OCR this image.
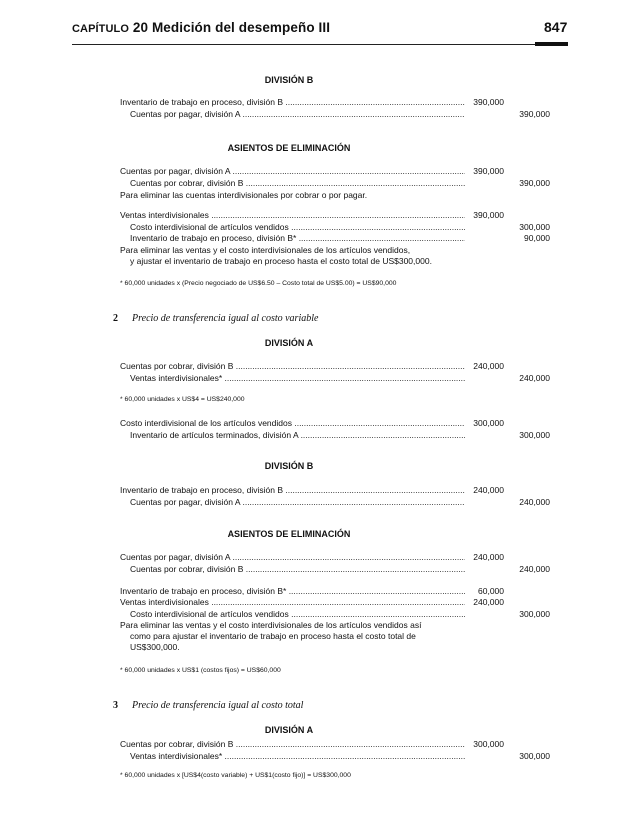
CAPÍTULO 20 Medición del desempeño III	847
DIVISIÓN B
Inventario de trabajo en proceso, división B .....	390,000
Cuentas por pagar, división A .....	390,000
ASIENTOS DE ELIMINACIÓN
Cuentas por pagar, división A .....	390,000
Cuentas por cobrar, división B .....	390,000
Para eliminar las cuentas interdivisionales por cobrar o por pagar.
Ventas interdivisionales .....	390,000
Costo interdivisional de artículos vendidos .....	300,000
Inventario de trabajo en proceso, división B* .....	90,000
Para eliminar las ventas y el costo interdivisionales de los artículos vendidos,
y ajustar el inventario de trabajo en proceso hasta el costo total de US$300,000.
* 60,000 unidades x (Precio negociado de US$6.50 – Costo total de US$5.00) = US$90,000
2 Precio de transferencia igual al costo variable
DIVISIÓN A
Cuentas por cobrar, división B .....	240,000
Ventas interdivisionales* .....	240,000
* 60,000 unidades x US$4 = US$240,000
Costo interdivisional de los artículos vendidos .....	300,000
Inventario de artículos terminados, división A .....	300,000
DIVISIÓN B
Inventario de trabajo en proceso, división B .....	240,000
Cuentas por pagar, división A .....	240,000
ASIENTOS DE ELIMINACIÓN
Cuentas por pagar, división A .....	240,000
Cuentas por cobrar, división B .....	240,000
Inventario de trabajo en proceso, división B* .....	60,000
Ventas interdivisionales .....	240,000
Costo interdivisional de artículos vendidos .....	300,000
Para eliminar las ventas y el costo interdivisionales de los artículos vendidos así
como para ajustar el inventario de trabajo en proceso hasta el costo total de
US$300,000.
* 60,000 unidades x US$1 (costos fijos) = US$60,000
3 Precio de transferencia igual al costo total
DIVISIÓN A
Cuentas por cobrar, división B .....	300,000
Ventas interdivisionales* .....	300,000
* 60,000 unidades x [US$4(costo variable) + US$1(costo fijo)] = US$300,000
